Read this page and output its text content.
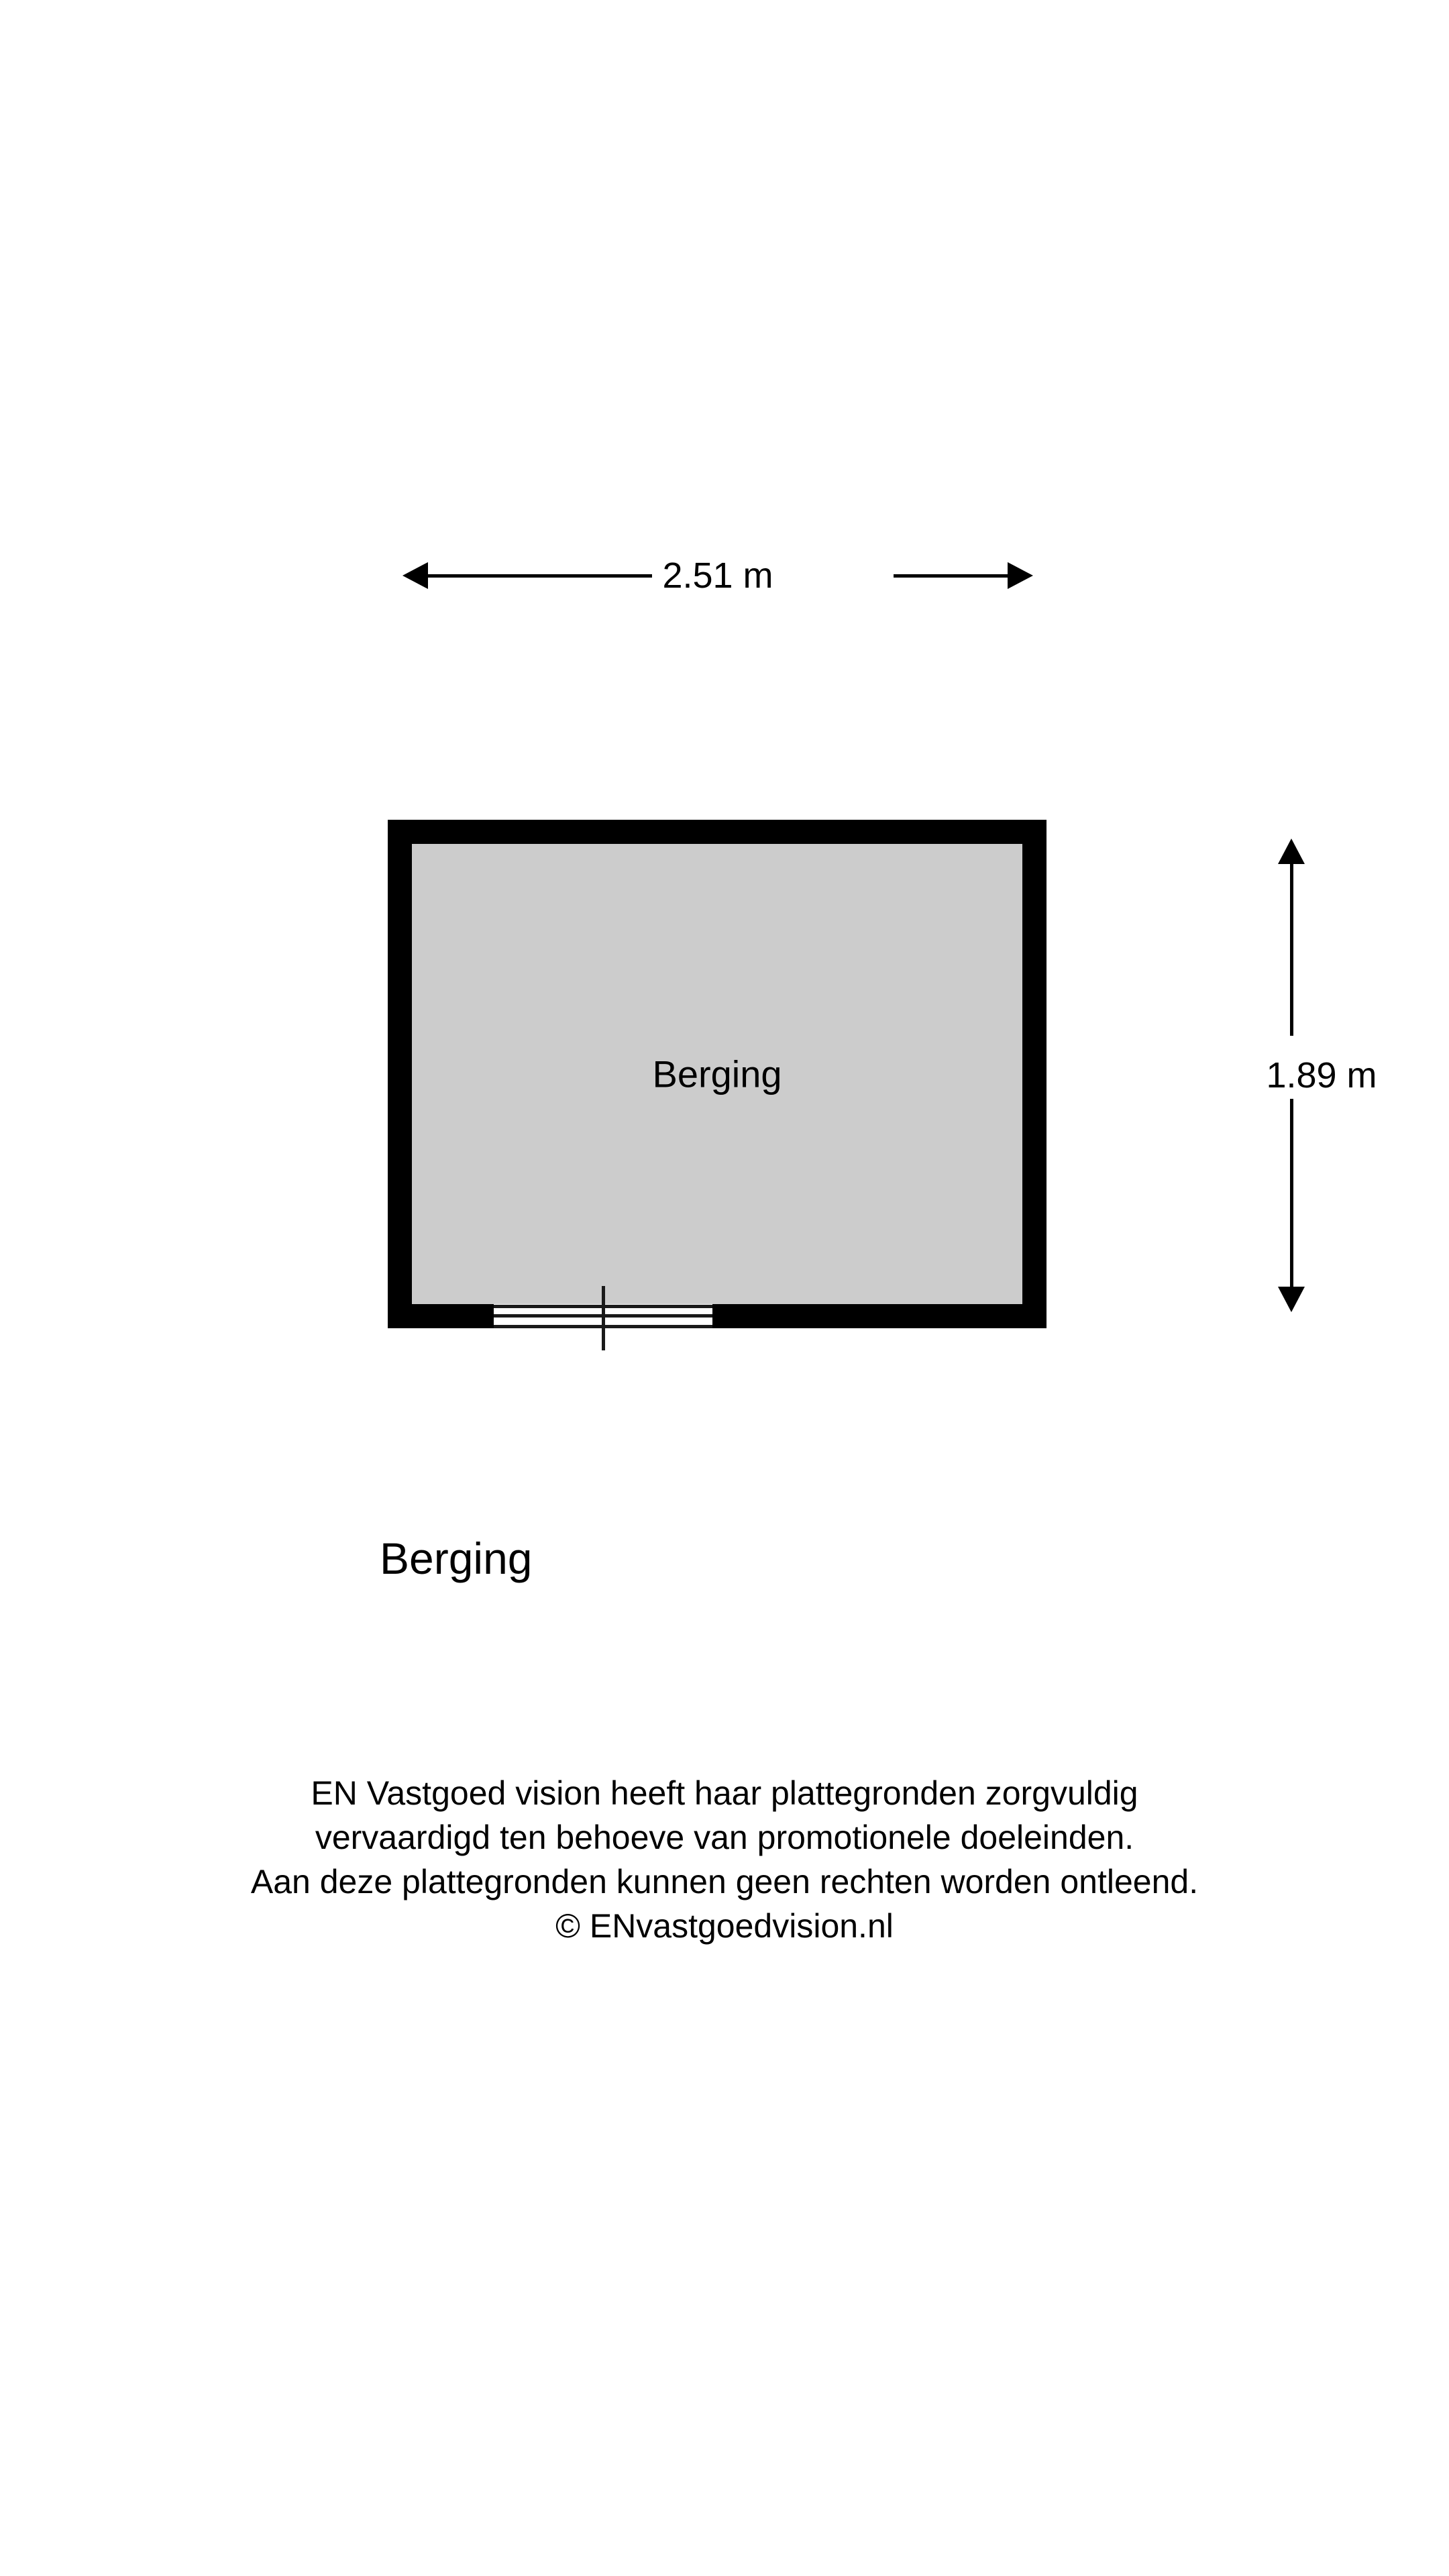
2.51 m
Berging	1.89 m
Berging
EN Vastgoed vision heeft haar plattegronden zorgvuldig
vervaardigd ten behoeve van promotionele doeleinden.
Aan deze plattegronden kunnen geen rechten worden ontleend.
© ENvastgoedvision.nl
